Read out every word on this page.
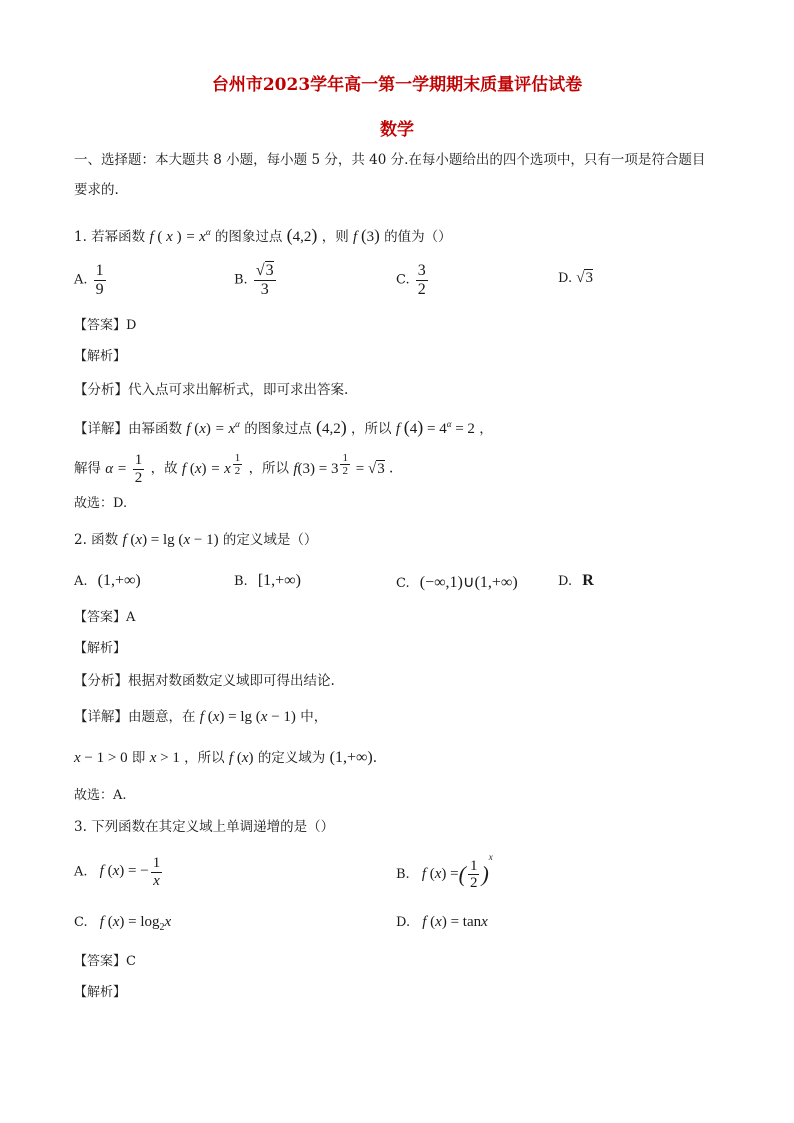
台州市2023学年高一第一学期期末质量评估试卷
数学
一、选择题：本大题共 8 小题，每小题 5 分，共 40 分.在每小题给出的四个选项中，只有一项是符合题目
要求的.
1. 若幂函数 f ( x ) = $x^\alpha$ 的图象过点 (4,2) ，则 f (3) 的值为（）
A. $\frac{1}{9}$	B. $\frac{√3}{3}$	C. $\frac{3}{2}$	D. √3
【答案】D
【解析】
【分析】代入点可求出解析式，即可求出答案.
【详解】由幂函数 f $(x) = x^\alpha$ 的图象过点 (4,2) ，所以 f $(4) = 4^\alpha = 2$ ，
解得 $\alpha = \frac{1}{2}$ ，故 f (x) = x $^{\frac{1}{2}}$ ，所以 f(3) = 3 $^{\frac{1}{2}}$ = √3 .
故选：D.
2. 函数 f (x) = lg (x − 1) 的定义域是（）
A. (1,+∞)	B. [1,+∞)	C. (−∞,1)∪(1,+∞)	D. R
【答案】A
【解析】
【分析】根据对数函数定义域即可得出结论.
【详解】由题意，在 f (x) = lg (x − 1) 中，
x − 1 > 0 即 x > 1 ，所以 f (x) 的定义域为 (1,+∞).
故选：A.
3. 下列函数在其定义域上单调递增的是（）
A. f (x) = − $\frac{1}{x}$	B. f (x) =( $\frac{1}{2} )^x$
C. f $(x) = \log_2x$	D. f (x) = tanx
【答案】C
【解析】
